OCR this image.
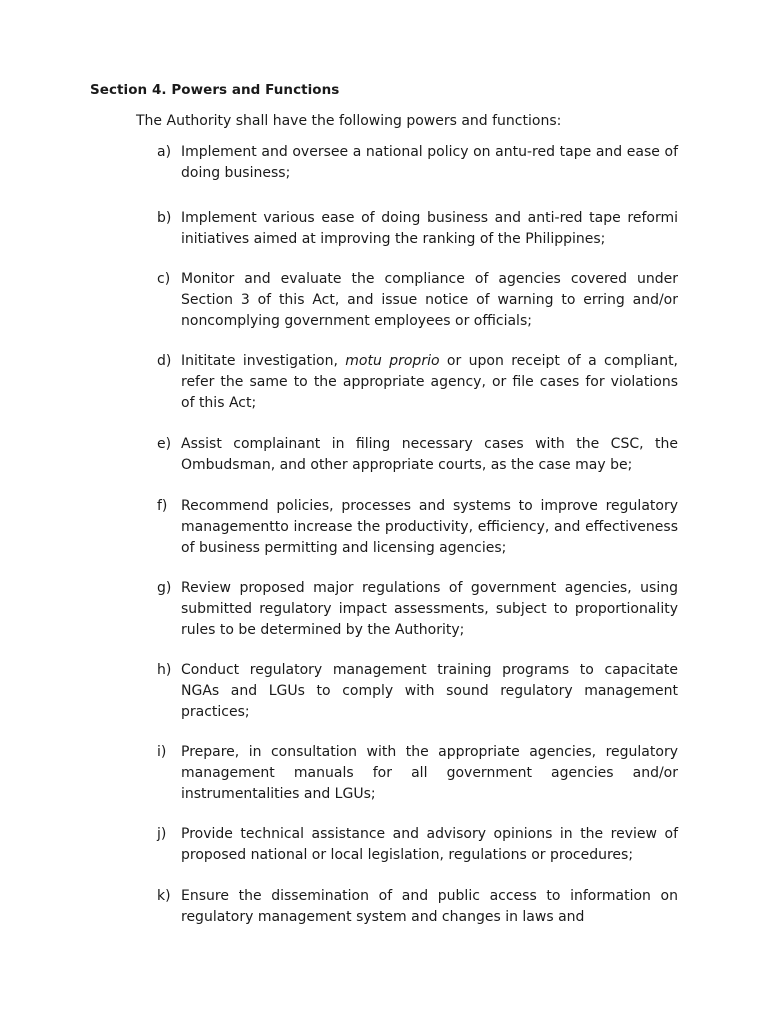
Section 4. Powers and Functions
The Authority shall have the following powers and functions:
a) Implement and oversee a national policy on antu-red tape and ease of doing business;
b) Implement various ease of doing business and anti-red tape reformi initiatives aimed at improving the ranking of the Philippines;
c) Monitor and evaluate the compliance of agencies covered under Section 3 of this Act, and issue notice of warning to erring and/or noncomplying government employees or officials;
d) Inititate investigation, motu proprio or upon receipt of a compliant, refer the same to the appropriate agency, or file cases for violations of this Act;
e) Assist complainant in filing necessary cases with the CSC, the Ombudsman, and other appropriate courts, as the case may be;
f) Recommend policies, processes and systems to improve regulatory managementto increase the productivity, efficiency, and effectiveness of business permitting and licensing agencies;
g) Review proposed major regulations of government agencies, using submitted regulatory impact assessments, subject to proportionality rules to be determined by the Authority;
h) Conduct regulatory management training programs to capacitate NGAs and LGUs to comply with sound regulatory management practices;
i) Prepare, in consultation with the appropriate agencies, regulatory management manuals for all government agencies and/or instrumentalities and LGUs;
j) Provide technical assistance and advisory opinions in the review of proposed national or local legislation, regulations or procedures;
k) Ensure the dissemination of and public access to information on regulatory management system and changes in laws and
